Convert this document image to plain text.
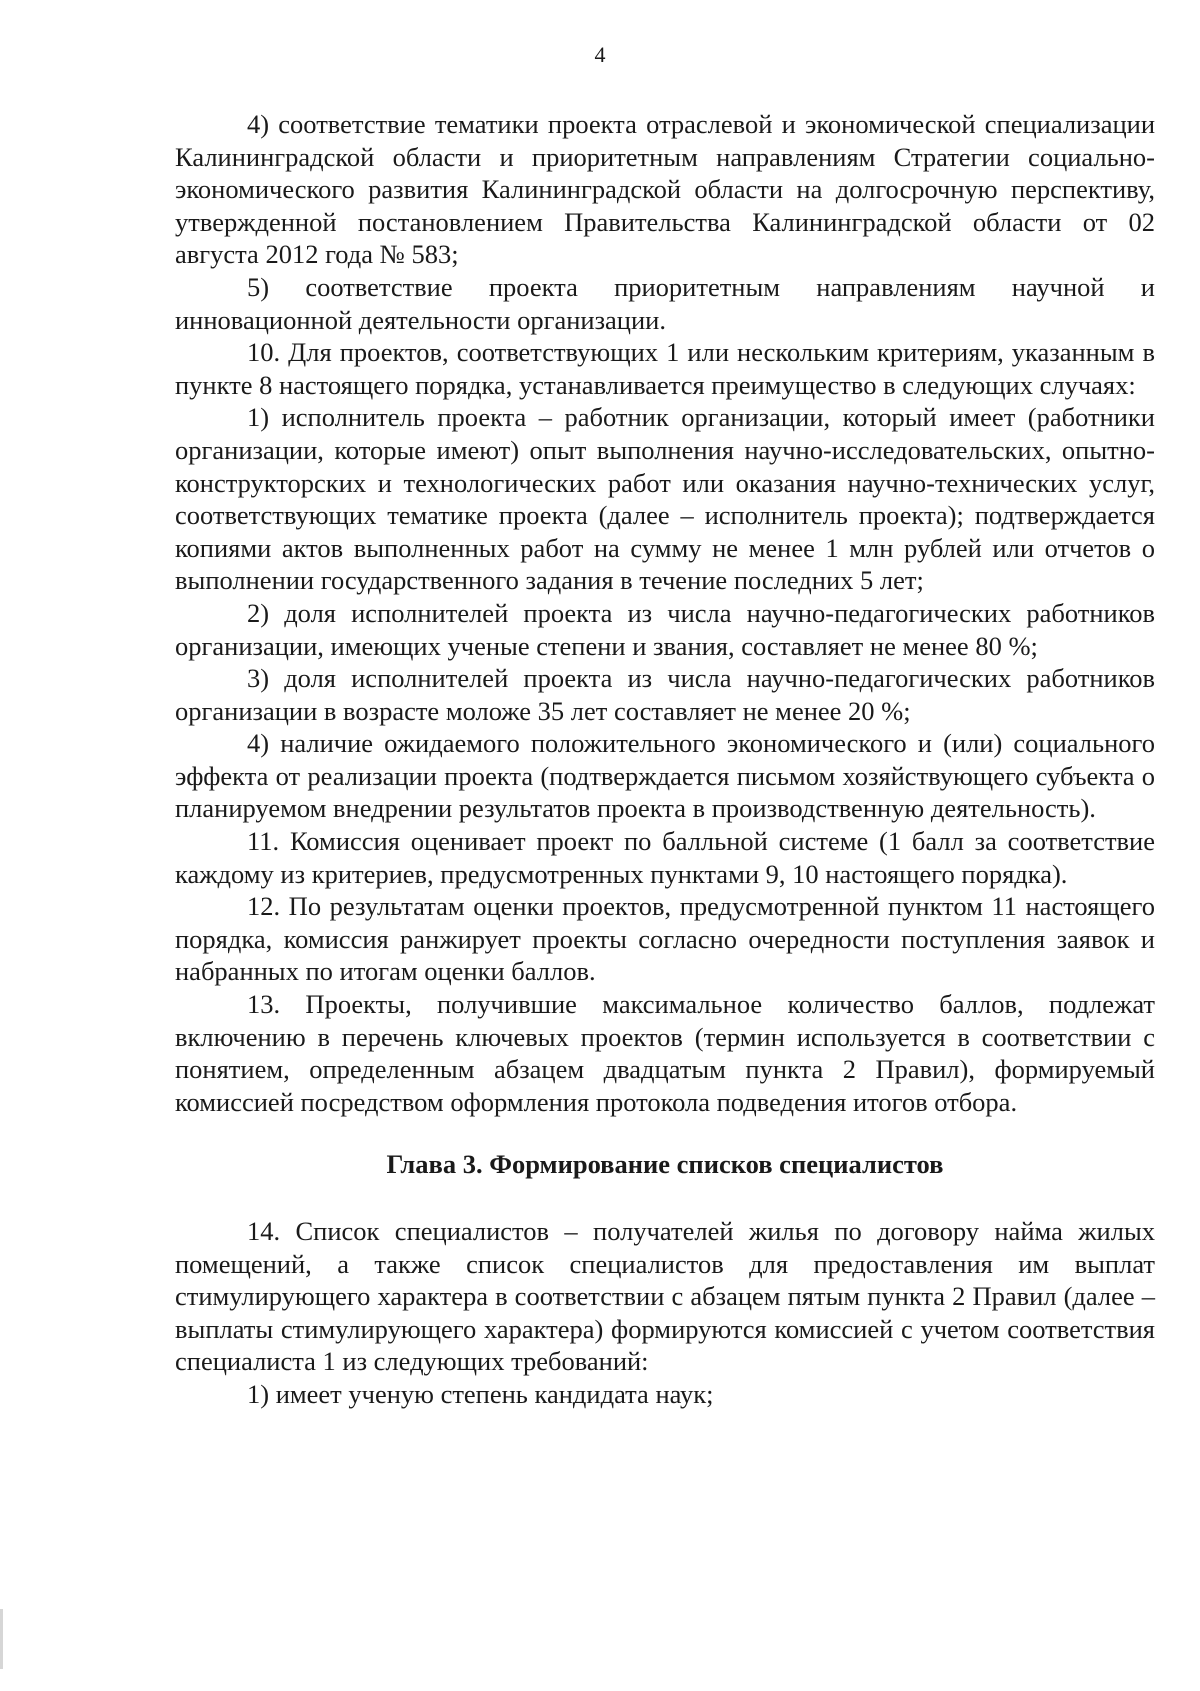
4

4) соответствие тематики проекта отраслевой и экономической специализации Калининградской области и приоритетным направлениям Стратегии социально-экономического развития Калининградской области на долгосрочную перспективу, утвержденной постановлением Правительства Калининградской области от 02 августа 2012 года № 583;

5) соответствие проекта приоритетным направлениям научной и инновационной деятельности организации.

10. Для проектов, соответствующих 1 или нескольким критериям, указанным в пункте 8 настоящего порядка, устанавливается преимущество в следующих случаях:

1) исполнитель проекта – работник организации, который имеет (работники организации, которые имеют) опыт выполнения научно-исследовательских, опытно-конструкторских и технологических работ или оказания научно-технических услуг, соответствующих тематике проекта (далее – исполнитель проекта); подтверждается копиями актов выполненных работ на сумму не менее 1 млн рублей или отчетов о выполнении государственного задания в течение последних 5 лет;

2) доля исполнителей проекта из числа научно-педагогических работников организации, имеющих ученые степени и звания, составляет не менее 80 %;

3) доля исполнителей проекта из числа научно-педагогических работников организации в возрасте моложе 35 лет составляет не менее 20 %;

4) наличие ожидаемого положительного экономического и (или) социального эффекта от реализации проекта (подтверждается письмом хозяйствующего субъекта о планируемом внедрении результатов проекта в производственную деятельность).

11. Комиссия оценивает проект по балльной системе (1 балл за соответствие каждому из критериев, предусмотренных пунктами 9, 10 настоящего порядка).

12. По результатам оценки проектов, предусмотренной пунктом 11 настоящего порядка, комиссия ранжирует проекты согласно очередности поступления заявок и набранных по итогам оценки баллов.

13. Проекты, получившие максимальное количество баллов, подлежат включению в перечень ключевых проектов (термин используется в соответствии с понятием, определенным абзацем двадцатым пункта 2 Правил), формируемый комиссией посредством оформления протокола подведения итогов отбора.

Глава 3. Формирование списков специалистов

14. Список специалистов – получателей жилья по договору найма жилых помещений, а также список специалистов для предоставления им выплат стимулирующего характера в соответствии с абзацем пятым пункта 2 Правил (далее – выплаты стимулирующего характера) формируются комиссией с учетом соответствия специалиста 1 из следующих требований:

1) имеет ученую степень кандидата наук;
